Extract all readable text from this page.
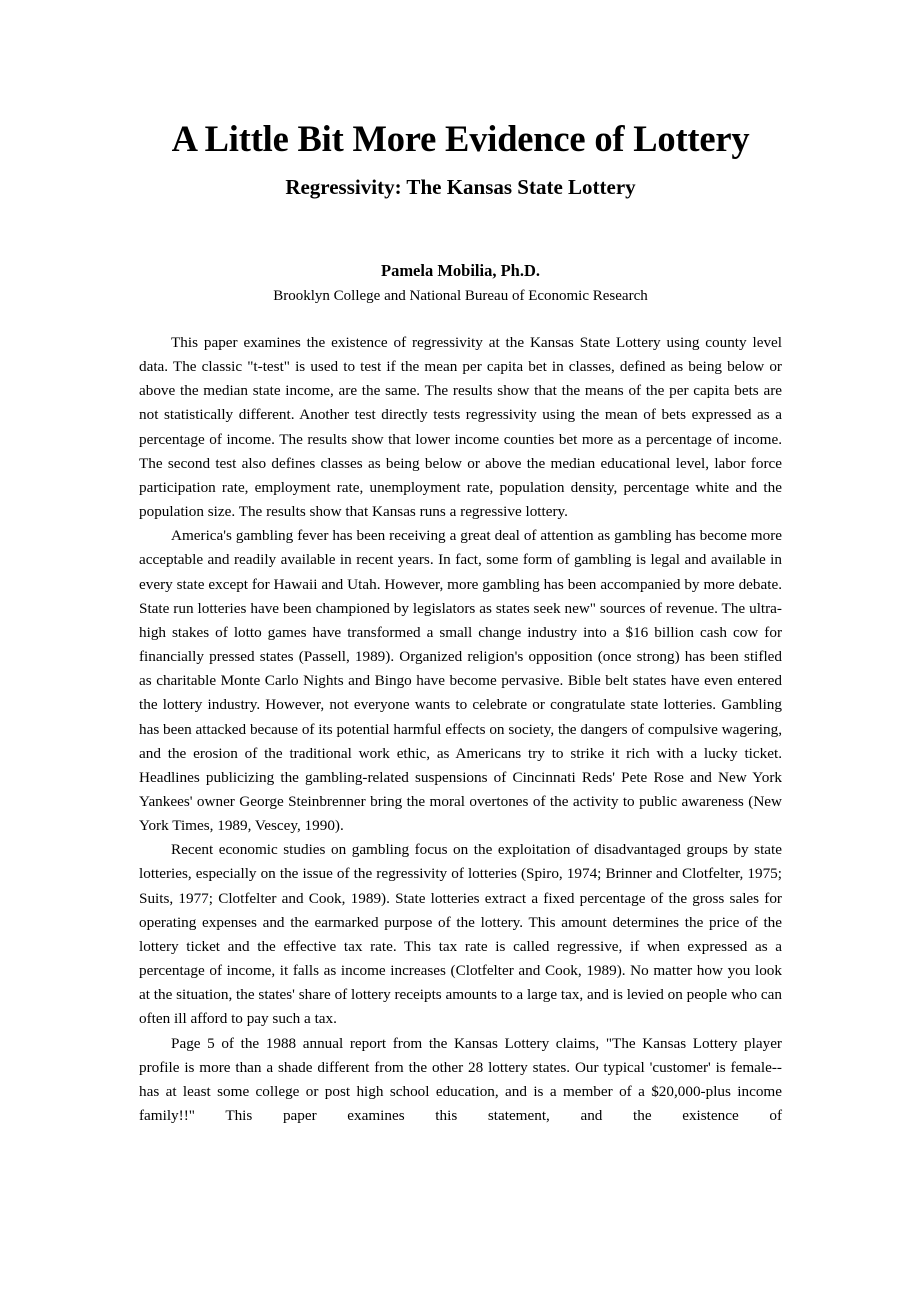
A Little Bit More Evidence of Lottery
Regressivity: The Kansas State Lottery
Pamela Mobilia, Ph.D.
Brooklyn College and National Bureau of Economic Research

This paper examines the existence of regressivity at the Kansas State Lottery using county level data. The classic "t-test" is used to test if the mean per capita bet in classes, defined as being below or above the median state income, are the same. The results show that the means of the per capita bets are not statistically different. Another test directly tests regressivity using the mean of bets expressed as a percentage of income. The results show that lower income counties bet more as a percentage of income. The second test also defines classes as being below or above the median educational level, labor force participation rate, employment rate, unemployment rate, population density, percentage white and the population size. The results show that Kansas runs a regressive lottery.

America's gambling fever has been receiving a great deal of attention as gambling has become more acceptable and readily available in recent years. In fact, some form of gambling is legal and available in every state except for Hawaii and Utah. However, more gambling has been accompanied by more debate. State run lotteries have been championed by legislators as states seek new" sources of revenue. The ultra-high stakes of lotto games have transformed a small change industry into a $16 billion cash cow for financially pressed states (Passell, 1989). Organized religion's opposition (once strong) has been stifled as charitable Monte Carlo Nights and Bingo have become pervasive. Bible belt states have even entered the lottery industry. However, not everyone wants to celebrate or congratulate state lotteries. Gambling has been attacked because of its potential harmful effects on society, the dangers of compulsive wagering, and the erosion of the traditional work ethic, as Americans try to strike it rich with a lucky ticket. Headlines publicizing the gambling-related suspensions of Cincinnati Reds' Pete Rose and New York Yankees' owner George Steinbrenner bring the moral overtones of the activity to public awareness (New York Times, 1989, Vescey, 1990).

Recent economic studies on gambling focus on the exploitation of disadvantaged groups by state lotteries, especially on the issue of the regressivity of lotteries (Spiro, 1974; Brinner and Clotfelter, 1975; Suits, 1977; Clotfelter and Cook, 1989). State lotteries extract a fixed percentage of the gross sales for operating expenses and the earmarked purpose of the lottery. This amount determines the price of the lottery ticket and the effective tax rate. This tax rate is called regressive, if when expressed as a percentage of income, it falls as income increases (Clotfelter and Cook, 1989). No matter how you look at the situation, the states' share of lottery receipts amounts to a large tax, and is levied on people who can often ill afford to pay such a tax.

Page 5 of the 1988 annual report from the Kansas Lottery claims, "The Kansas Lottery player profile is more than a shade different from the other 28 lottery states. Our typical 'customer' is female--has at least some college or post high school education, and is a member of a $20,000-plus income family!!" This paper examines this statement, and the existence of
